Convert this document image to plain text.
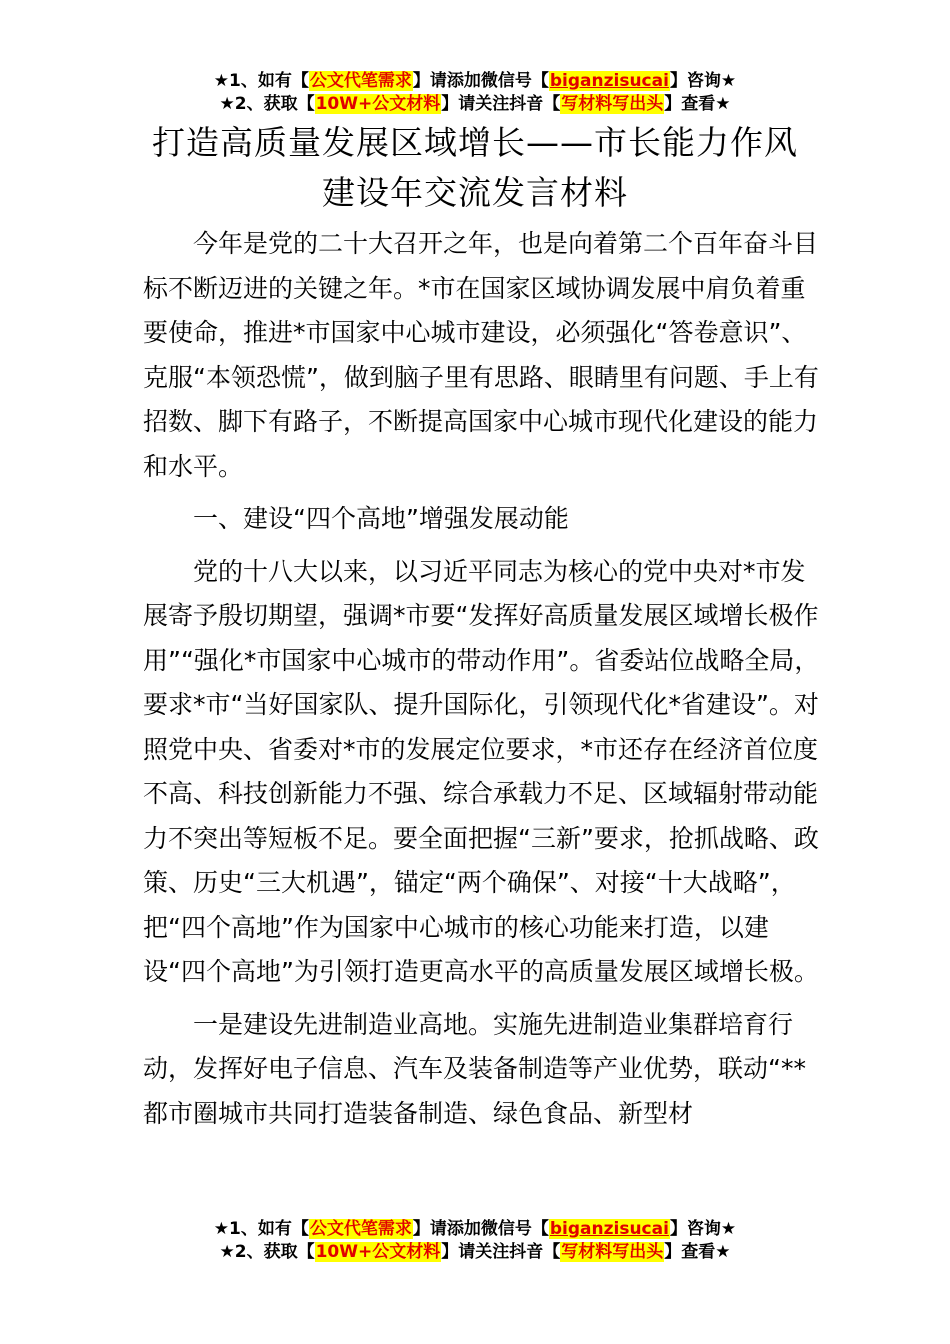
★1、如有【公文代笔需求】请添加微信号【biganzisucai】咨询★
★2、获取【10W+公文材料】请关注抖音【写材料写出头】查看★
打造高质量发展区域增长——市长能力作风
建设年交流发言材料

今年是党的二十大召开之年，也是向着第二个百年奋斗目标不断迈进的关键之年。*市在国家区域协调发展中肩负着重要使命，推进*市国家中心城市建设，必须强化“答卷意识”、克服“本领恐慌”，做到脑子里有思路、眼睛里有问题、手上有招数、脚下有路子，不断提高国家中心城市现代化建设的能力和水平。

一、建设“四个高地”增强发展动能

党的十八大以来，以习近平同志为核心的党中央对*市发展寄予殷切期望，强调*市要“发挥好高质量发展区域增长极作用”“强化*市国家中心城市的带动作用”。省委站位战略全局，要求*市“当好国家队、提升国际化，引领现代化*省建设”。对照党中央、省委对*市的发展定位要求，*市还存在经济首位度不高、科技创新能力不强、综合承载力不足、区域辐射带动能力不突出等短板不足。要全面把握“三新”要求，抢抓战略、政策、历史“三大机遇”，锚定“两个确保”、对接“十大战略”，把“四个高地”作为国家中心城市的核心功能来打造，以建设“四个高地”为引领打造更高水平的高质量发展区域增长极。

一是建设先进制造业高地。实施先进制造业集群培育行动，发挥好电子信息、汽车及装备制造等产业优势，联动“**都市圈城市共同打造装备制造、绿色食品、新型材

★1、如有【公文代笔需求】请添加微信号【biganzisucai】咨询★
★2、获取【10W+公文材料】请关注抖音【写材料写出头】查看★
